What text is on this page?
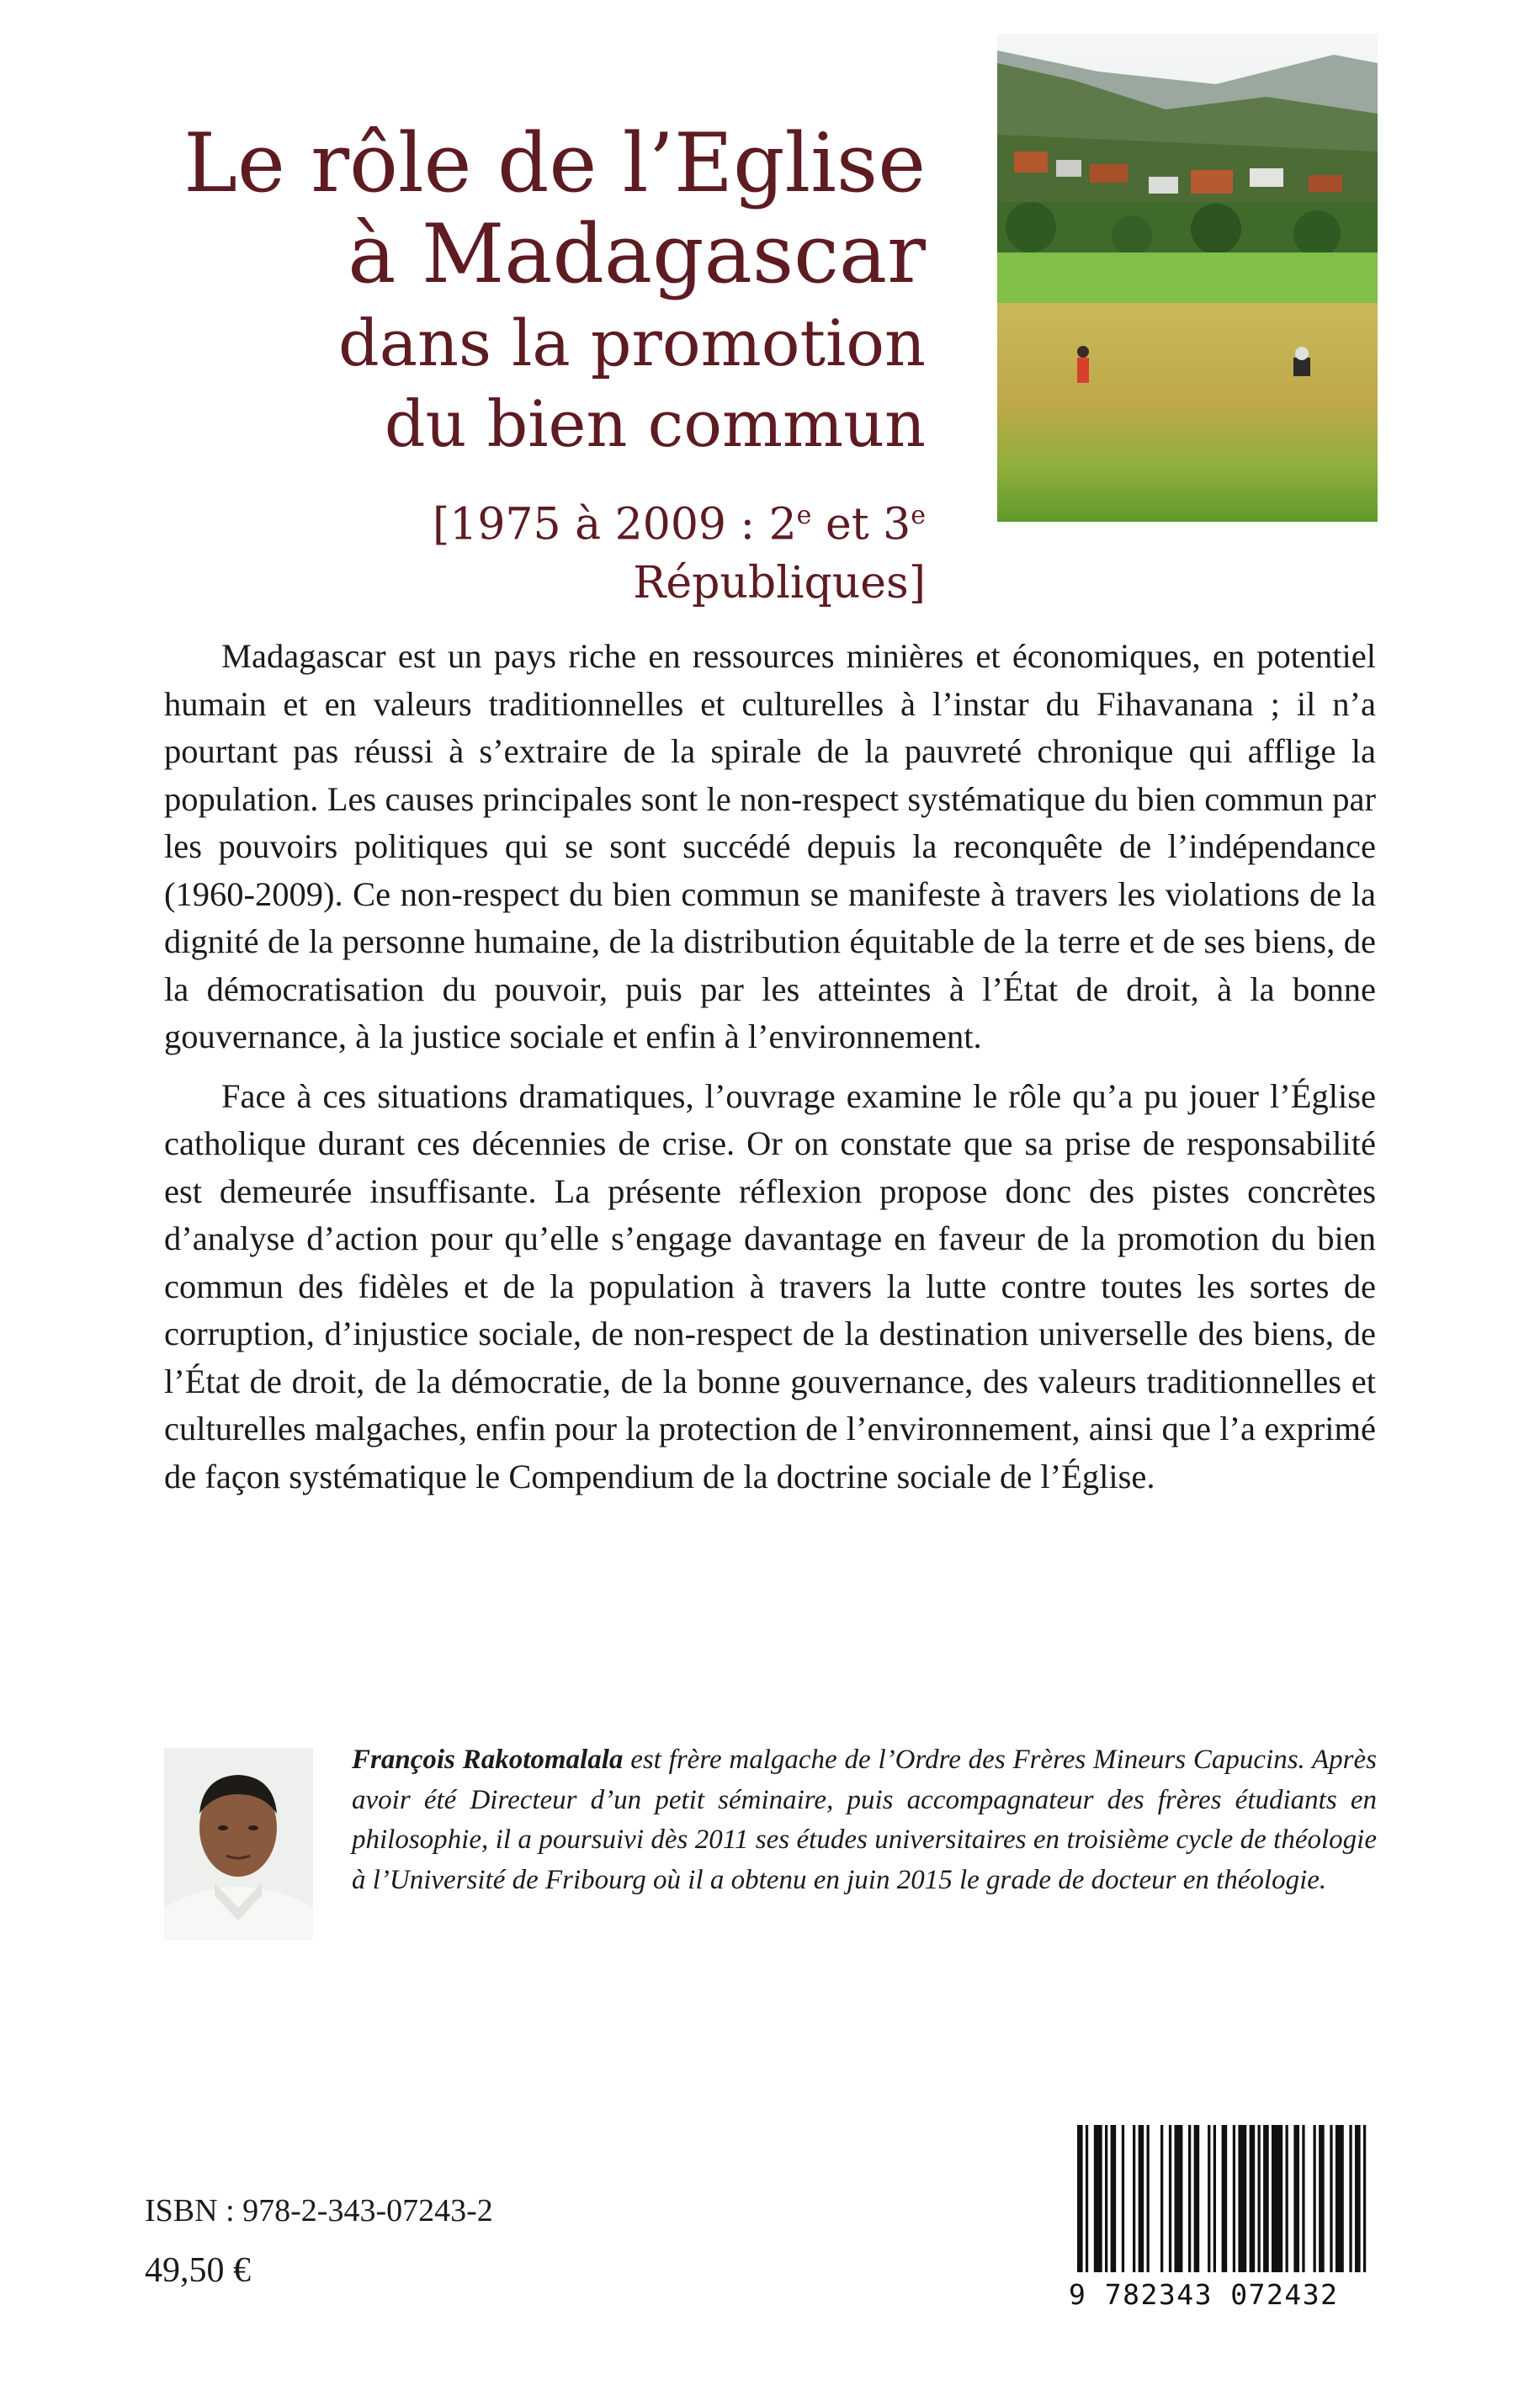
Le rôle de l’Eglise
à Madagascar
dans la promotion
du bien commun
[1975 à 2009 : 2e et 3e Républiques]

Madagascar est un pays riche en ressources minières et économiques, en potentiel humain et en valeurs traditionnelles et culturelles à l’instar du Fihavanana ; il n’a pourtant pas réussi à s’extraire de la spirale de la pauvreté chronique qui afflige la population. Les causes principales sont le non-respect systématique du bien commun par les pouvoirs politiques qui se sont succédé depuis la reconquête de l’indépendance (1960-2009). Ce non-respect du bien commun se manifeste à travers les violations de la dignité de la personne humaine, de la distribution équitable de la terre et de ses biens, de la démocratisation du pouvoir, puis par les atteintes à l’État de droit, à la bonne gouvernance, à la justice sociale et enfin à l’environnement.

Face à ces situations dramatiques, l’ouvrage examine le rôle qu’a pu jouer l’Église catholique durant ces décennies de crise. Or on constate que sa prise de responsabilité est demeurée insuffisante. La présente réflexion propose donc des pistes concrètes d’analyse d’action pour qu’elle s’engage davantage en faveur de la promotion du bien commun des fidèles et de la population à travers la lutte contre toutes les sortes de corruption, d’injustice sociale, de non-respect de la destination universelle des biens, de l’État de droit, de la démocratie, de la bonne gouvernance, des valeurs traditionnelles et culturelles malgaches, enfin pour la protection de l’environnement, ainsi que l’a exprimé de façon systématique le Compendium de la doctrine sociale de l’Église.

François Rakotomalala est frère malgache de l’Ordre des Frères Mineurs Capucins. Après avoir été Directeur d’un petit séminaire, puis accompagnateur des frères étudiants en philosophie, il a poursuivi dès 2011 ses études universitaires en troisième cycle de théologie à l’Université de Fribourg où il a obtenu en juin 2015 le grade de docteur en théologie.
ISBN : 978-2-343-07243-2
49,50 €
9 782343 072432
